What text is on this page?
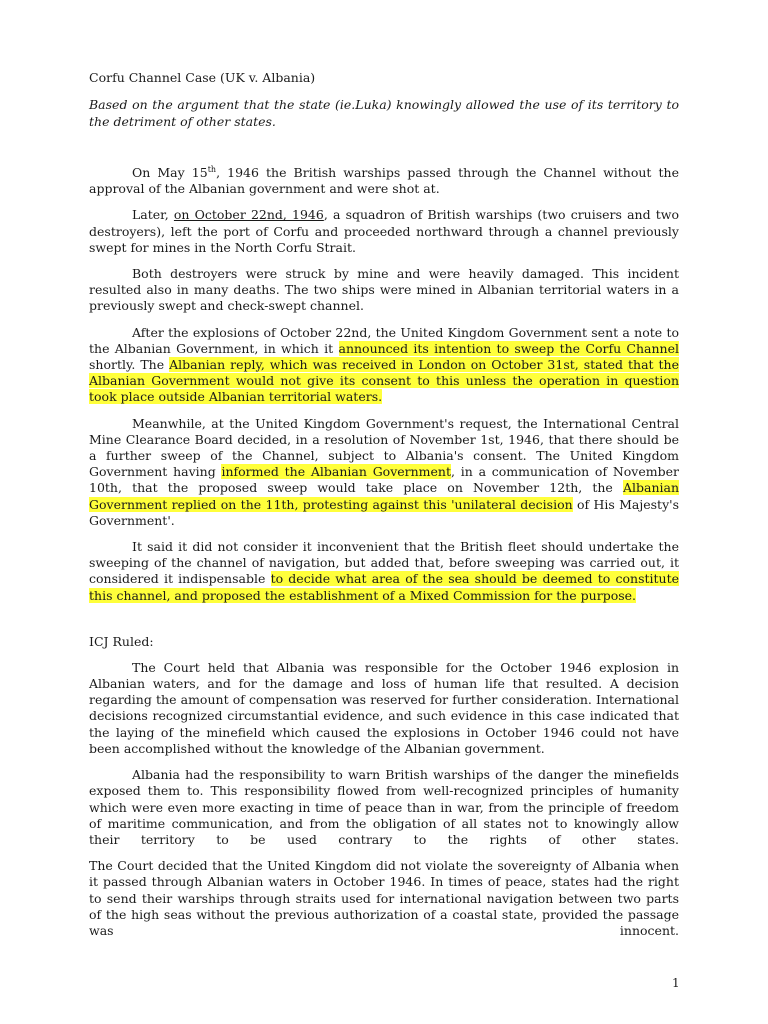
Corfu Channel Case (UK v. Albania)

Based on the argument that the state (ie.Luka) knowingly allowed the use of its territory to the detriment of other states.

On May 15th, 1946 the British warships passed through the Channel without the approval of the Albanian government and were shot at.

Later, on October 22nd, 1946, a squadron of British warships (two cruisers and two destroyers), left the port of Corfu and proceeded northward through a channel previously swept for mines in the North Corfu Strait.

Both destroyers were struck by mine and were heavily damaged. This incident resulted also in many deaths. The two ships were mined in Albanian territorial waters in a previously swept and check-swept channel.

After the explosions of October 22nd, the United Kingdom Government sent a note to the Albanian Government, in which it announced its intention to sweep the Corfu Channel shortly. The Albanian reply, which was received in London on October 31st, stated that the Albanian Government would not give its consent to this unless the operation in question took place outside Albanian territorial waters.

Meanwhile, at the United Kingdom Government's request, the International Central Mine Clearance Board decided, in a resolution of November 1st, 1946, that there should be a further sweep of the Channel, subject to Albania's consent. The United Kingdom Government having informed the Albanian Government, in a communication of November 10th, that the proposed sweep would take place on November 12th, the Albanian Government replied on the 11th, protesting against this 'unilateral decision of His Majesty's Government'.

It said it did not consider it inconvenient that the British fleet should undertake the sweeping of the channel of navigation, but added that, before sweeping was carried out, it considered it indispensable to decide what area of the sea should be deemed to constitute this channel, and proposed the establishment of a Mixed Commission for the purpose.

ICJ Ruled:

The Court held that Albania was responsible for the October 1946 explosion in Albanian waters, and for the damage and loss of human life that resulted. A decision regarding the amount of compensation was reserved for further consideration. International decisions recognized circumstantial evidence, and such evidence in this case indicated that the laying of the minefield which caused the explosions in October 1946 could not have been accomplished without the knowledge of the Albanian government.

Albania had the responsibility to warn British warships of the danger the minefields exposed them to. This responsibility flowed from well-recognized principles of humanity which were even more exacting in time of peace than in war, from the principle of freedom of maritime communication, and from the obligation of all states not to knowingly allow their territory to be used contrary to the rights of other states.

The Court decided that the United Kingdom did not violate the sovereignty of Albania when it passed through Albanian waters in October 1946. In times of peace, states had the right to send their warships through straits used for international navigation between two parts of the high seas without the previous authorization of a coastal state, provided the passage was innocent.

1
